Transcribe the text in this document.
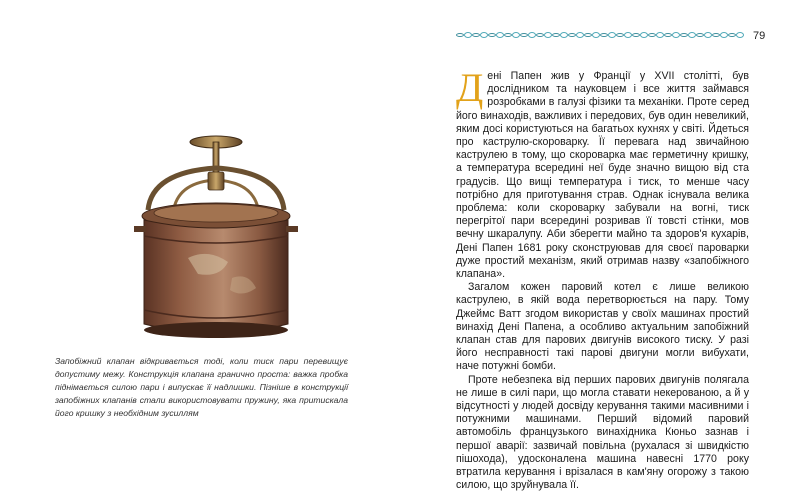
79
Запобіжний клапан відкривається тоді, коли тиск пари перевищує допустиму межу. Конструкція клапана гранично проста: важка пробка піднімається силою пари і випускає її надлишки. Пізніше в конструкції запобіжних клапанів стали використовувати пружину, яка притискала його кришку з необхідним зусиллям

Дені Папен жив у Франції у XVII столітті, був дослідником та науковцем і все життя займався розробками в галузі фізики та механіки. Проте серед його винаходів, важливих і передових, був один невеликий, яким досі користуються на багатьох кухнях у світі. Йдеться про каструлю-скороварку. Її перевага над звичайною каструлею в тому, що скороварка має герметичну кришку, а температура всередині неї буде значно вищою від ста градусів. Що вищі температура і тиск, то менше часу потрібно для приготування страв. Однак існувала велика проблема: коли скороварку забували на вогні, тиск перегрітої пари всередині розривав її товсті стінки, мов вечну шкаралупу. Аби зберегти майно та здоров'я кухарів, Дені Папен 1681 року сконструював для своєї пароварки дуже простий механізм, який отримав назву «запобіжного клапана».

Загалом кожен паровий котел є лише великою каструлею, в якій вода перетворюється на пару. Тому Джеймс Ватт згодом використав у своїх машинах простий винахід Дені Папена, а особливо актуальним запобіжний клапан став для парових двигунів високого тиску. У разі його несправності такі парові двигуни могли вибухати, наче потужні бомби.

Проте небезпека від перших парових двигунів полягала не лише в силі пари, що могла ставати некерованою, а й у відсутності у людей досвіду керування такими масивними і потужними машинами. Перший відомий паровий автомобіль французького винахідника Кюньо зазнав і першої аварії: зазвичай повільна (рухалася зі швидкістю пішохода), удосконалена машина навесні 1770 року втратила керування і врізалася в кам'яну огорожу з такою силою, що зруйнувала її.
